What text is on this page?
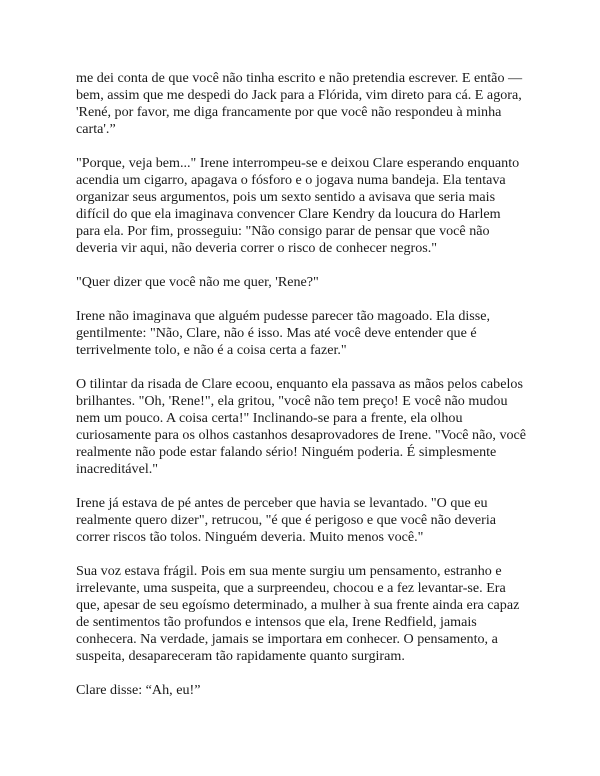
me dei conta de que você não tinha escrito e não pretendia escrever. E então — bem, assim que me despedi do Jack para a Flórida, vim direto para cá. E agora, 'René, por favor, me diga francamente por que você não respondeu à minha carta'.”

"Porque, veja bem..." Irene interrompeu-se e deixou Clare esperando enquanto acendia um cigarro, apagava o fósforo e o jogava numa bandeja. Ela tentava organizar seus argumentos, pois um sexto sentido a avisava que seria mais difícil do que ela imaginava convencer Clare Kendry da loucura do Harlem para ela. Por fim, prosseguiu: "Não consigo parar de pensar que você não deveria vir aqui, não deveria correr o risco de conhecer negros."

"Quer dizer que você não me quer, 'Rene?"

Irene não imaginava que alguém pudesse parecer tão magoado. Ela disse, gentilmente: "Não, Clare, não é isso. Mas até você deve entender que é terrivelmente tolo, e não é a coisa certa a fazer."

O tilintar da risada de Clare ecoou, enquanto ela passava as mãos pelos cabelos brilhantes. "Oh, 'Rene!", ela gritou, "você não tem preço! E você não mudou nem um pouco. A coisa certa!" Inclinando-se para a frente, ela olhou curiosamente para os olhos castanhos desaprovadores de Irene. "Você não, você realmente não pode estar falando sério! Ninguém poderia. É simplesmente inacreditável."

Irene já estava de pé antes de perceber que havia se levantado. "O que eu realmente quero dizer", retrucou, "é que é perigoso e que você não deveria correr riscos tão tolos. Ninguém deveria. Muito menos você."

Sua voz estava frágil. Pois em sua mente surgiu um pensamento, estranho e irrelevante, uma suspeita, que a surpreendeu, chocou e a fez levantar-se. Era que, apesar de seu egoísmo determinado, a mulher à sua frente ainda era capaz de sentimentos tão profundos e intensos que ela, Irene Redfield, jamais conhecera. Na verdade, jamais se importara em conhecer. O pensamento, a suspeita, desapareceram tão rapidamente quanto surgiram.

Clare disse: “Ah, eu!”
